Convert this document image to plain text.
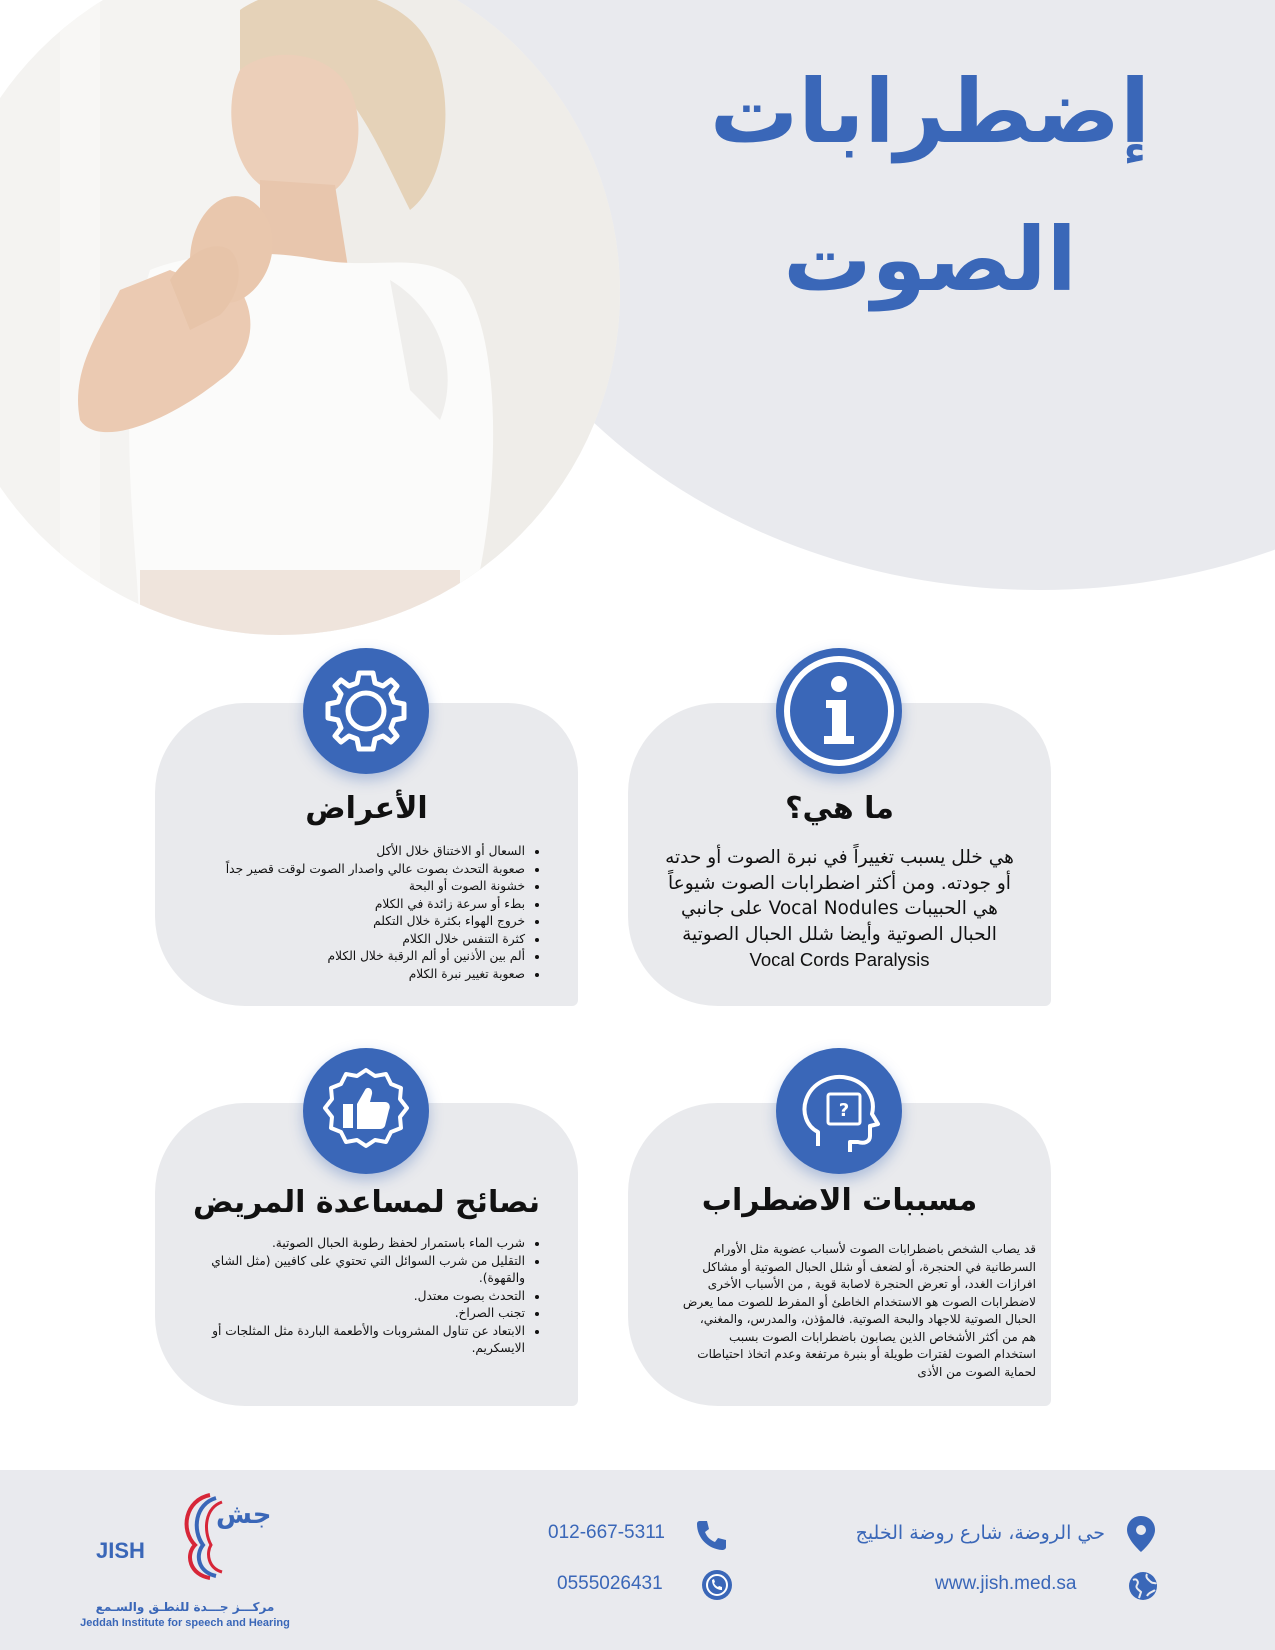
إضطرابات
الصوت
ما هي؟
هي خلل يسبب تغييراً في نبرة الصوت أو حدته
أو جودته. ومن أكثر اضطرابات الصوت شيوعاً
هي الحبيبات Vocal Nodules على جانبي
الحبال الصوتية وأيضا شلل الحبال الصوتية
Vocal Cords Paralysis
الأعراض
• السعال أو الاختناق خلال الأكل
• صعوبة التحدث بصوت عالي واصدار الصوت لوقت قصير جداً
• خشونة الصوت أو البحة
• بطء أو سرعة زائدة في الكلام
• خروج الهواء بكثرة خلال التكلم
• كثرة التنفس خلال الكلام
• ألم بين الأذنين أو ألم الرقبة خلال الكلام
• صعوبة تغيير نبرة الكلام
مسببات الاضطراب
قد يصاب الشخص باضطرابات الصوت لأسباب عضوية مثل الأورام
السرطانية في الحنجرة، أو لضعف أو شلل الحبال الصوتية أو مشاكل
افرازات الغدد، أو تعرض الحنجرة لاصابة قوية , من الأسباب الأخرى
لاضطرابات الصوت هو الاستخدام الخاطئ أو المفرط للصوت مما يعرض
الحبال الصوتية للاجهاد والبحة الصوتية. فالمؤذن، والمدرس، والمغني،
هم من أكثر الأشخاص الذين يصابون باضطرابات الصوت بسبب
استخدام الصوت لفترات طويلة أو بنبرة مرتفعة وعدم اتخاذ احتياطات
لحماية الصوت من الأذى
?
نصائح لمساعدة المريض
• شرب الماء باستمرار لحفظ رطوبة الحبال الصوتية.
• التقليل من شرب السوائل التي تحتوي على كافيين (مثل الشاي والقهوة).
• التحدث بصوت معتدل.
• تجنب الصراخ.
• الابتعاد عن تناول المشروبات والأطعمة الباردة مثل المثلجات أو الايسكريم.
جش
JISH
مركـــز جـــدة للنطـق والسـمع
Jeddah Institute for speech and Hearing
012-667-5311
0555026431
حي الروضة، شارع روضة الخليج
www.jish.med.sa
